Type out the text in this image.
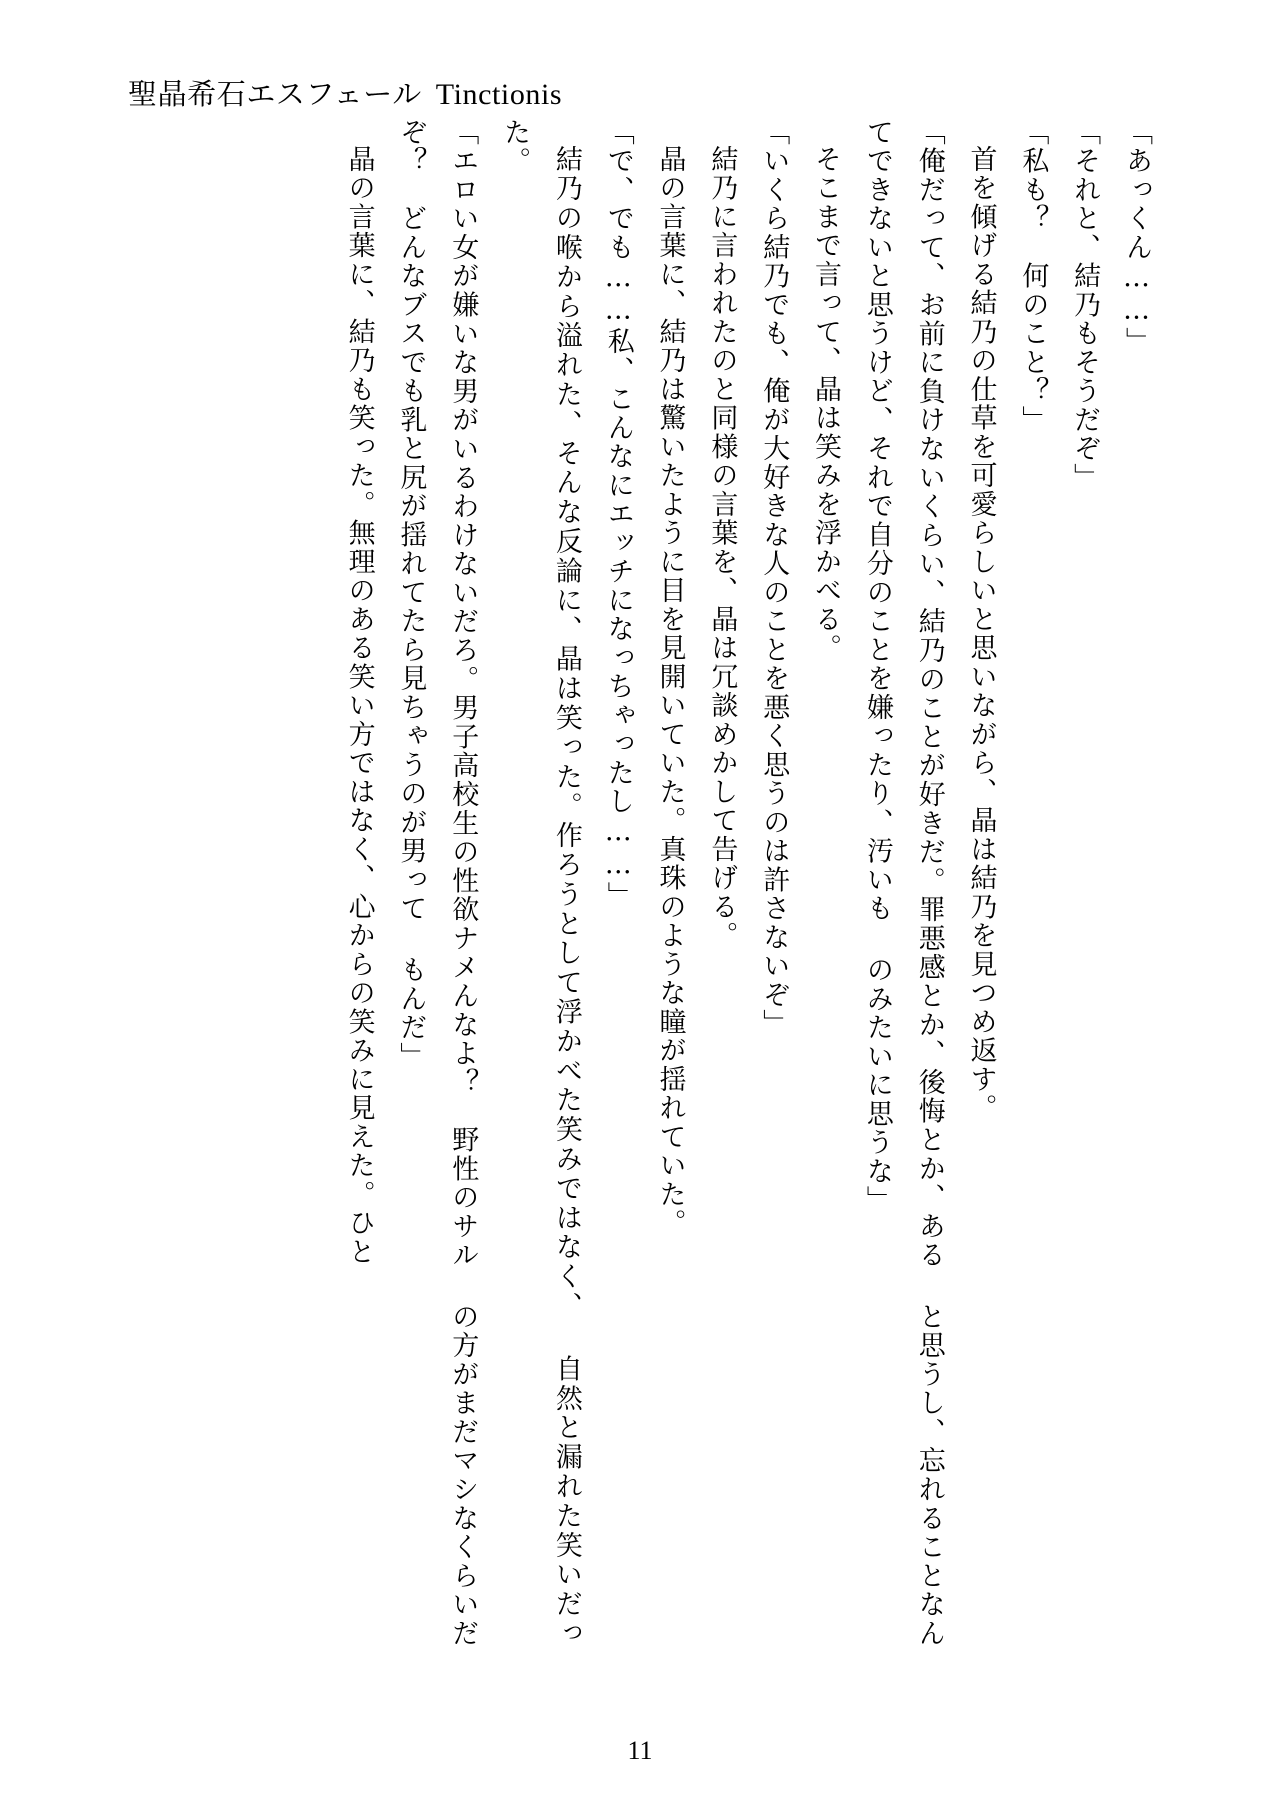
聖晶希石エスフェール Tinctionis

「あっくん……」

「それと、結乃もそうだぞ」

「私も？　何のこと？」

首を傾げる結乃の仕草を可愛らしいと思いながら、晶は結乃を見つめ返す。

「俺だって、お前に負けないくらい、結乃のことが好きだ。罪悪感とか、後悔とか、ある と思うし、忘れることなんてできないと思うけど、それで自分のことを嫌ったり、汚いも のみたいに思うな」

そこまで言って、晶は笑みを浮かべる。

「いくら結乃でも、俺が大好きな人のことを悪く思うのは許さないぞ」

結乃に言われたのと同様の言葉を、晶は冗談めかして告げる。

晶の言葉に、結乃は驚いたように目を見開いていた。真珠のような瞳が揺れていた。

「で、でも……私、こんなにエッチになっちゃったし……」

結乃の喉から溢れた、そんな反論に、晶は笑った。作ろうとして浮かべた笑みではなく、 自然と漏れた笑いだった。

「エロい女が嫌いな男がいるわけないだろ。男子高校生の性欲ナメんなよ？　野性のサル の方がまだマシなくらいだぞ？　どんなブスでも乳と尻が揺れてたら見ちゃうのが男って もんだ」

晶の言葉に、結乃も笑った。無理のある笑い方ではなく、心からの笑みに見えた。ひと

11
